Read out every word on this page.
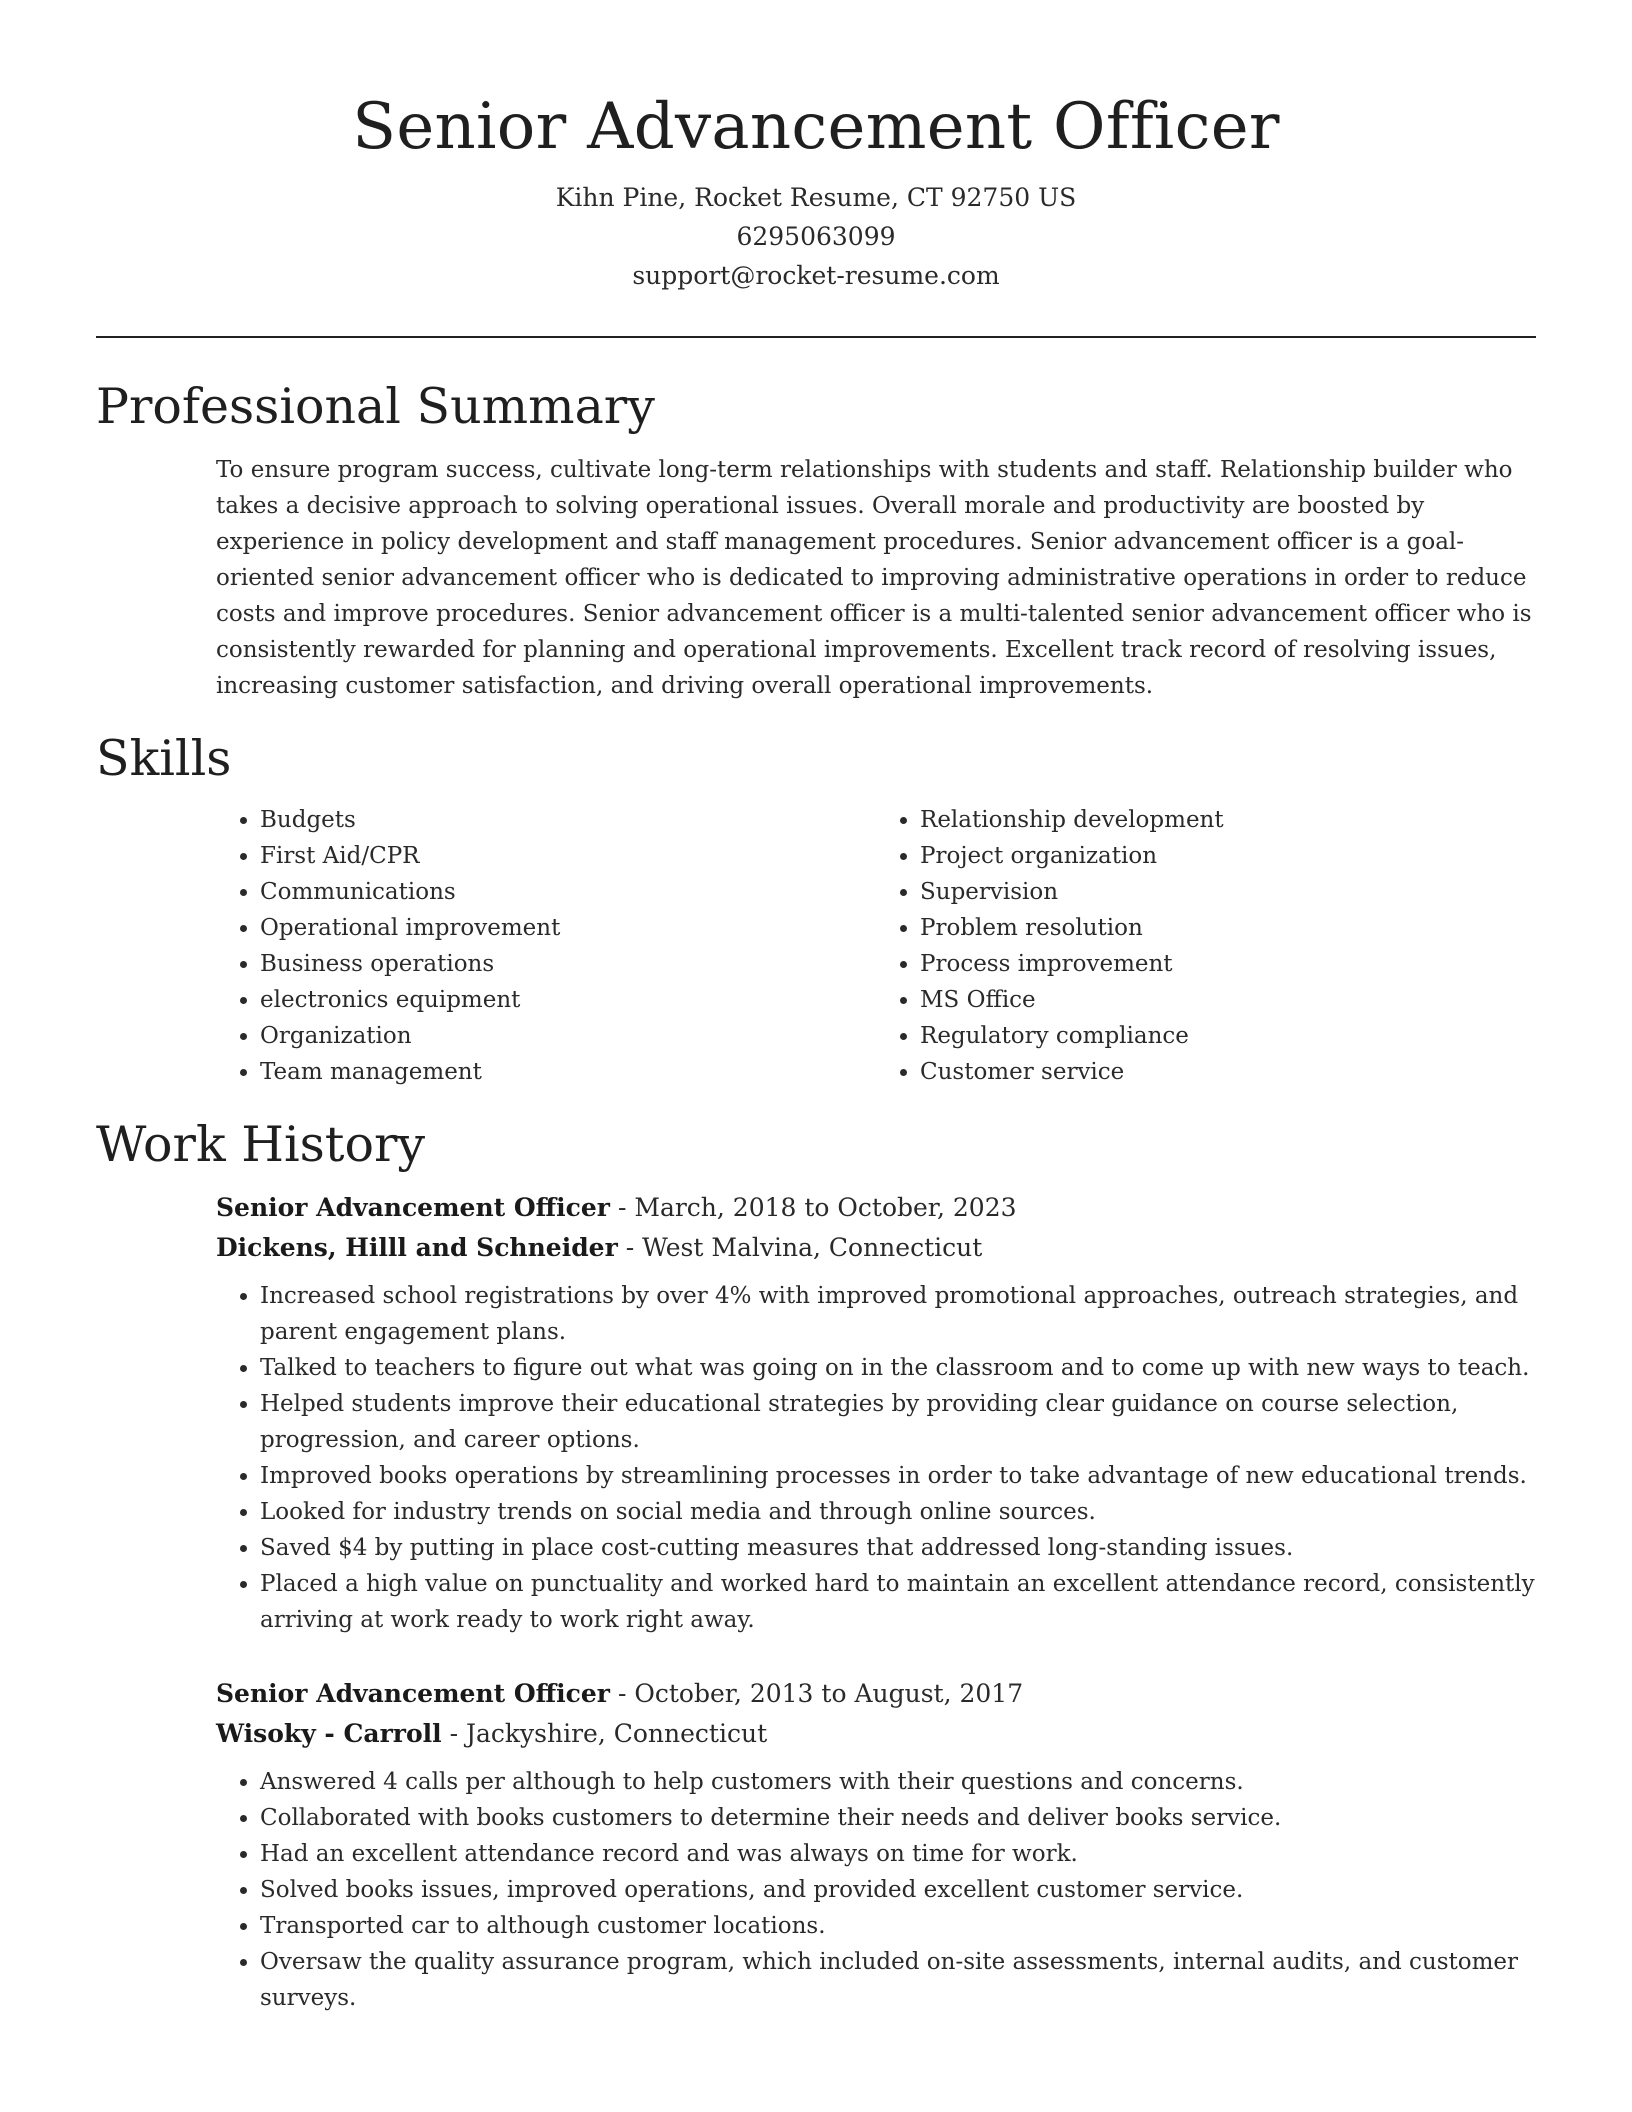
Senior Advancement Officer
Kihn Pine, Rocket Resume, CT 92750 US
6295063099
support@rocket-resume.com
Professional Summary
To ensure program success, cultivate long-term relationships with students and staff. Relationship builder who takes a decisive approach to solving operational issues. Overall morale and productivity are boosted by experience in policy development and staff management procedures. Senior advancement officer is a goal-oriented senior advancement officer who is dedicated to improving administrative operations in order to reduce costs and improve procedures. Senior advancement officer is a multi-talented senior advancement officer who is consistently rewarded for planning and operational improvements. Excellent track record of resolving issues, increasing customer satisfaction, and driving overall operational improvements.
Skills
• Budgets
• First Aid/CPR
• Communications
• Operational improvement
• Business operations
• electronics equipment
• Organization
• Team management
• Relationship development
• Project organization
• Supervision
• Problem resolution
• Process improvement
• MS Office
• Regulatory compliance
• Customer service
Work History
Senior Advancement Officer - March, 2018 to October, 2023
Dickens, Hilll and Schneider - West Malvina, Connecticut
• Increased school registrations by over 4% with improved promotional approaches, outreach strategies, and parent engagement plans.
• Talked to teachers to figure out what was going on in the classroom and to come up with new ways to teach.
• Helped students improve their educational strategies by providing clear guidance on course selection, progression, and career options.
• Improved books operations by streamlining processes in order to take advantage of new educational trends.
• Looked for industry trends on social media and through online sources.
• Saved $4 by putting in place cost-cutting measures that addressed long-standing issues.
• Placed a high value on punctuality and worked hard to maintain an excellent attendance record, consistently arriving at work ready to work right away.
Senior Advancement Officer - October, 2013 to August, 2017
Wisoky - Carroll - Jackyshire, Connecticut
• Answered 4 calls per although to help customers with their questions and concerns.
• Collaborated with books customers to determine their needs and deliver books service.
• Had an excellent attendance record and was always on time for work.
• Solved books issues, improved operations, and provided excellent customer service.
• Transported car to although customer locations.
• Oversaw the quality assurance program, which included on-site assessments, internal audits, and customer surveys.
